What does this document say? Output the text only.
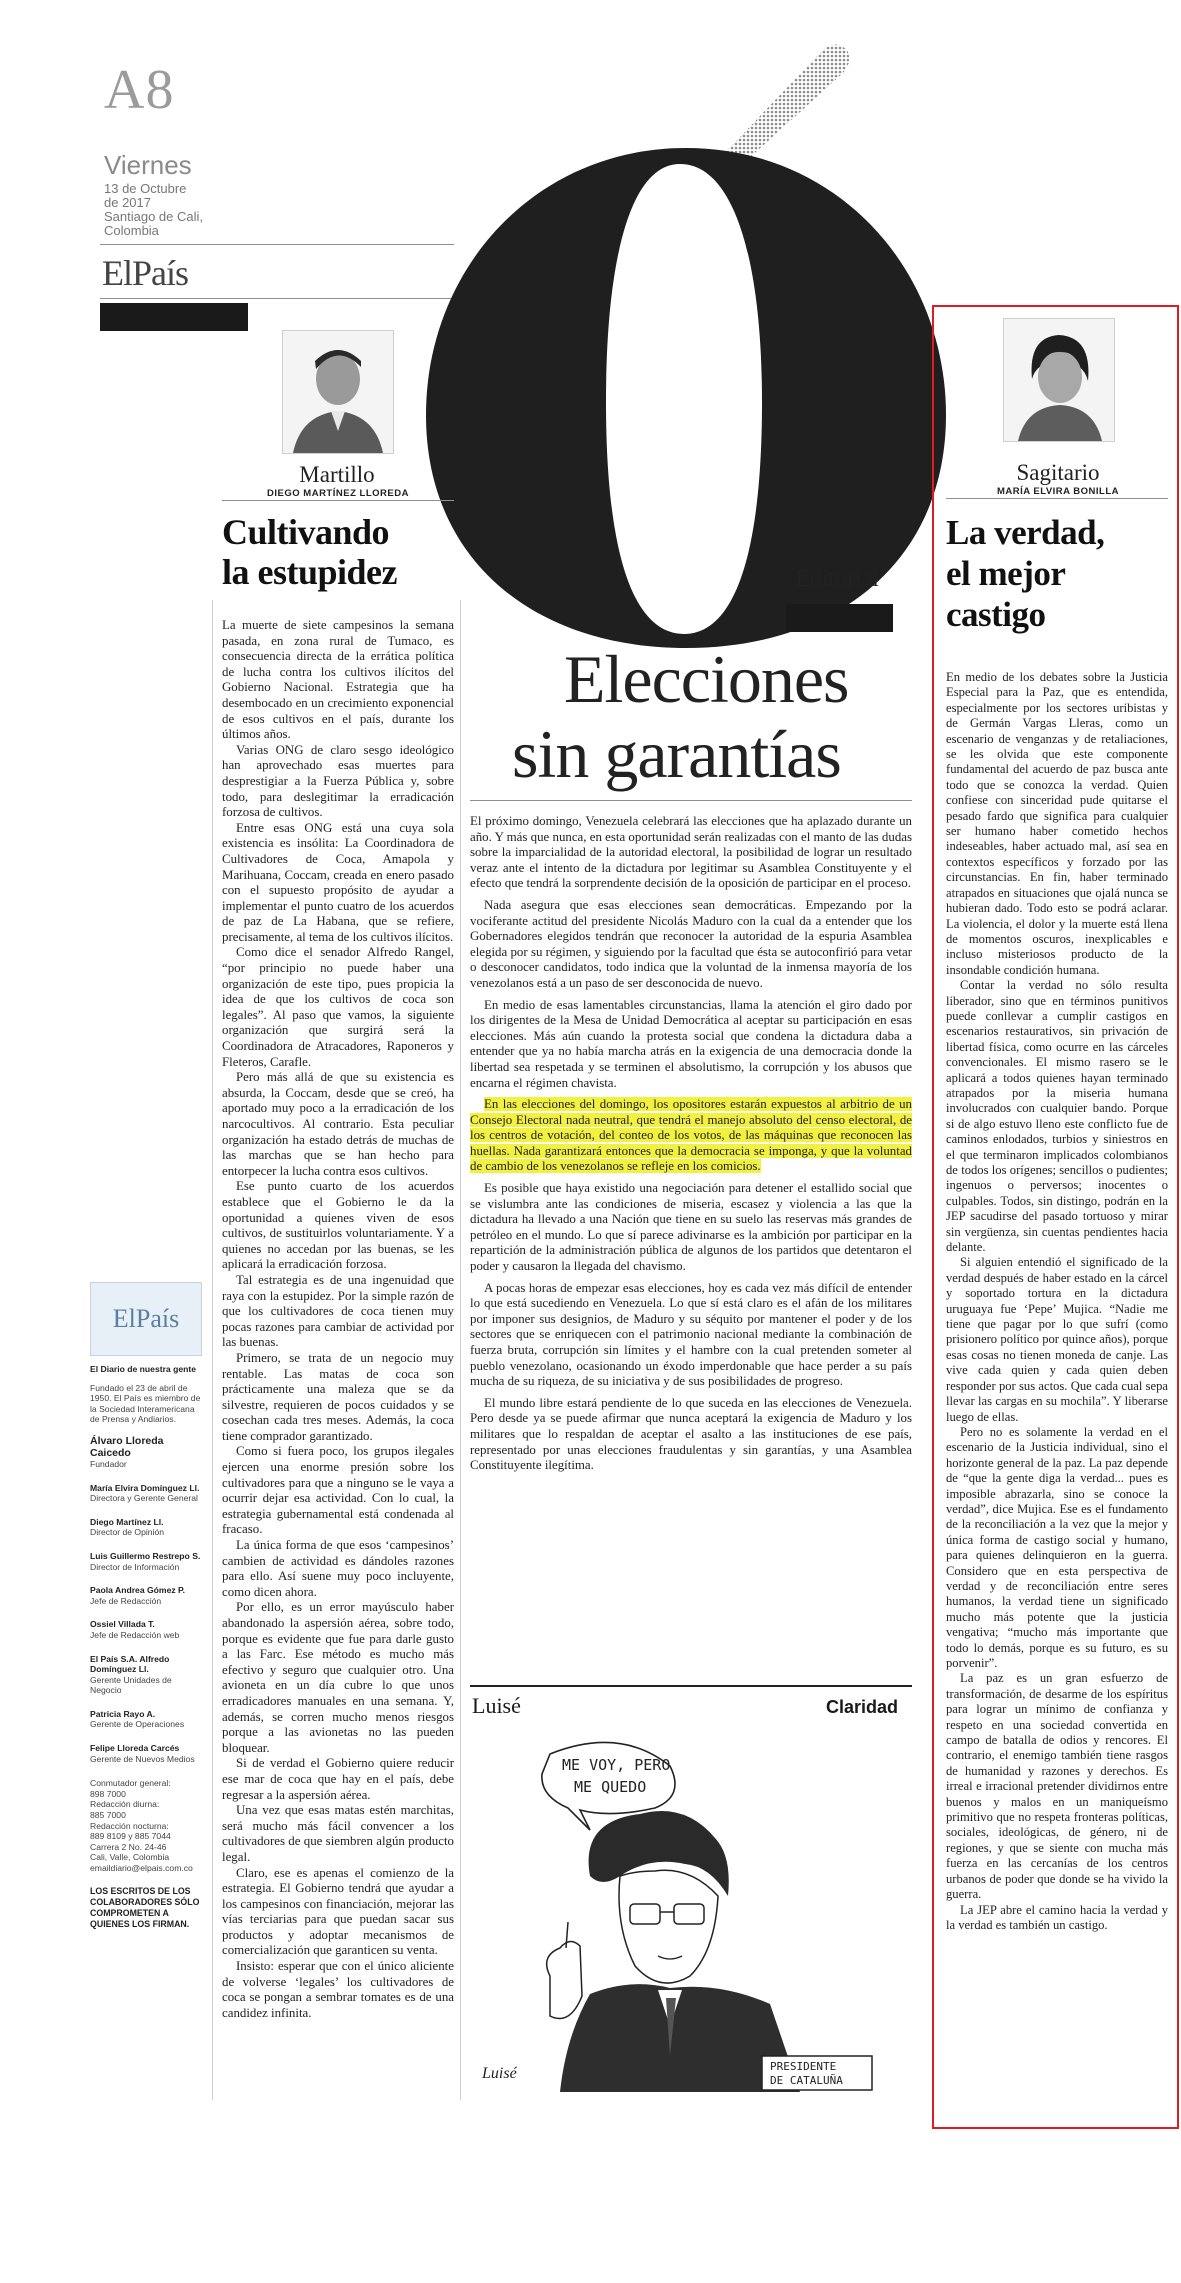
A8
Viernes
13 de Octubre
de 2017
Santiago de Cali,
Colombia
ElPaís
Martillo
DIEGO MARTÍNEZ LLOREDA
Cultivando
la estupidez

La muerte de siete campesinos la semana pasada, en zona rural de Tumaco, es consecuencia directa de la errática política de lucha contra los cultivos ilícitos del Gobierno Nacional. Estrategia que ha desembocado en un crecimiento exponencial de esos cultivos en el país, durante los últimos años.

Varias ONG de claro sesgo ideológico han aprovechado esas muertes para desprestigiar a la Fuerza Pública y, sobre todo, para deslegitimar la erradicación forzosa de cultivos.

Entre esas ONG está una cuya sola existencia es insólita: La Coordinadora de Cultivadores de Coca, Amapola y Marihuana, Coccam, creada en enero pasado con el supuesto propósito de ayudar a implementar el punto cuatro de los acuerdos de paz de La Habana, que se refiere, precisamente, al tema de los cultivos ilícitos.

Como dice el senador Alfredo Rangel, “por principio no puede haber una organización de este tipo, pues propicia la idea de que los cultivos de coca son legales”. Al paso que vamos, la siguiente organización que surgirá será la Coordinadora de Atracadores, Raponeros y Fleteros, Carafle.

Pero más allá de que su existencia es absurda, la Coccam, desde que se creó, ha aportado muy poco a la erradicación de los narcocultivos. Al contrario. Esta peculiar organización ha estado detrás de muchas de las marchas que se han hecho para entorpecer la lucha contra esos cultivos.

Ese punto cuarto de los acuerdos establece que el Gobierno le da la oportunidad a quienes viven de esos cultivos, de sustituirlos voluntariamente. Y a quienes no accedan por las buenas, se les aplicará la erradicación forzosa.

Tal estrategia es de una ingenuidad que raya con la estupidez. Por la simple razón de que los cultivadores de coca tienen muy pocas razones para cambiar de actividad por las buenas.

Primero, se trata de un negocio muy rentable. Las matas de coca son prácticamente una maleza que se da silvestre, requieren de pocos cuidados y se cosechan cada tres meses. Además, la coca tiene comprador garantizado.

Como si fuera poco, los grupos ilegales ejercen una enorme presión sobre los cultivadores para que a ninguno se le vaya a ocurrir dejar esa actividad. Con lo cual, la estrategia gubernamental está condenada al fracaso.

La única forma de que esos ‘campesinos’ cambien de actividad es dándoles razones para ello. Así suene muy poco incluyente, como dicen ahora.

Por ello, es un error mayúsculo haber abandonado la aspersión aérea, sobre todo, porque es evidente que fue para darle gusto a las Farc. Ese método es mucho más efectivo y seguro que cualquier otro. Una avioneta en un día cubre lo que unos erradicadores manuales en una semana. Y, además, se corren mucho menos riesgos porque a las avionetas no las pueden bloquear.

Si de verdad el Gobierno quiere reducir ese mar de coca que hay en el país, debe regresar a la aspersión aérea.

Una vez que esas matas estén marchitas, será mucho más fácil convencer a los cultivadores de que siembren algún producto legal.

Claro, ese es apenas el comienzo de la estrategia. El Gobierno tendrá que ayudar a los campesinos con financiación, mejorar las vías terciarias para que puedan sacar sus productos y adoptar mecanismos de comercialización que garanticen su venta.

Insisto: esperar que con el único aliciente de volverse ‘legales’ los cultivadores de coca se pongan a sembrar tomates es de una candidez infinita.

ElPaís
El Diario de nuestra gente
Fundado el 23 de abril de 1950. El País es miembro de la Sociedad Interamericana de Prensa y Andiarios.
Álvaro Lloreda Caicedo
Fundador
María Elvira Domínguez Ll.
Directora y Gerente General
Diego Martínez Ll.
Director de Opinión
Luis Guillermo Restrepo S.
Director de Información
Paola Andrea Gómez P.
Jefe de Redacción
Ossiel Villada T.
Jefe de Redacción web
El País S.A. Alfredo Domínguez Ll.
Gerente Unidades de Negocio
Patricia Rayo A.
Gerente de Operaciones
Felipe Lloreda Carcés
Gerente de Nuevos Medios
Conmutador general:
898 7000
Redacción diurna:
885 7000
Redacción nocturna:
889 8109 y 885 7044
Carrera 2 No. 24-46
Cali, Valle, Colombia
emaildiario@elpais.com.co
LOS ESCRITOS DE LOS COLABORADORES SÓLO COMPROMETEN A QUIENES LOS FIRMAN.
Editorial
Elecciones
sin garantías

El próximo domingo, Venezuela celebrará las elecciones que ha aplazado durante un año. Y más que nunca, en esta oportunidad serán realizadas con el manto de las dudas sobre la imparcialidad de la autoridad electoral, la posibilidad de lograr un resultado veraz ante el intento de la dictadura por legitimar su Asamblea Constituyente y el efecto que tendrá la sorprendente decisión de la oposición de participar en el proceso.

Nada asegura que esas elecciones sean democráticas. Empezando por la vociferante actitud del presidente Nicolás Maduro con la cual da a entender que los Gobernadores elegidos tendrán que reconocer la autoridad de la espuria Asamblea elegida por su régimen, y siguiendo por la facultad que ésta se autoconfirió para vetar o desconocer candidatos, todo indica que la voluntad de la inmensa mayoría de los venezolanos está a un paso de ser desconocida de nuevo.

En medio de esas lamentables circunstancias, llama la atención el giro dado por los dirigentes de la Mesa de Unidad Democrática al aceptar su participación en esas elecciones. Más aún cuando la protesta social que condena la dictadura daba a entender que ya no había marcha atrás en la exigencia de una democracia donde la libertad sea respetada y se terminen el absolutismo, la corrupción y los abusos que encarna el régimen chavista.

En las elecciones del domingo, los opositores estarán expuestos al arbitrio de un Consejo Electoral nada neutral, que tendrá el manejo absoluto del censo electoral, de los centros de votación, del conteo de los votos, de las máquinas que reconocen las huellas. Nada garantizará entonces que la democracia se imponga, y que la voluntad de cambio de los venezolanos se refleje en los comicios.

Es posible que haya existido una negociación para detener el estallido social que se vislumbra ante las condiciones de miseria, escasez y violencia a las que la dictadura ha llevado a una Nación que tiene en su suelo las reservas más grandes de petróleo en el mundo. Lo que sí parece adivinarse es la ambición por participar en la repartición de la administración pública de algunos de los partidos que detentaron el poder y causaron la llegada del chavismo.

A pocas horas de empezar esas elecciones, hoy es cada vez más difícil de entender lo que está sucediendo en Venezuela. Lo que sí está claro es el afán de los militares por imponer sus designios, de Maduro y su séquito por mantener el poder y de los sectores que se enriquecen con el patrimonio nacional mediante la combinación de fuerza bruta, corrupción sin límites y el hambre con la cual pretenden someter al pueblo venezolano, ocasionando un éxodo imperdonable que hace perder a su país mucha de su riqueza, de su iniciativa y de sus posibilidades de progreso.

El mundo libre estará pendiente de lo que suceda en las elecciones de Venezuela. Pero desde ya se puede afirmar que nunca aceptará la exigencia de Maduro y los militares que lo respaldan de aceptar el asalto a las instituciones de ese país, representado por unas elecciones fraudulentas y sin garantías, y una Asamblea Constituyente ilegítima.

Luisé	Claridad
ME VOY, PERO
ME QUEDO
PRESIDENTE
DE CATALUÑA
Luisé
Sagitario
MARÍA ELVIRA BONILLA
La verdad,
el mejor
castigo

En medio de los debates sobre la Justicia Especial para la Paz, que es entendida, especialmente por los sectores uribistas y de Germán Vargas Lleras, como un escenario de venganzas y de retaliaciones, se les olvida que este componente fundamental del acuerdo de paz busca ante todo que se conozca la verdad. Quien confiese con sinceridad pude quitarse el pesado fardo que significa para cualquier ser humano haber cometido hechos indeseables, haber actuado mal, así sea en contextos específicos y forzado por las circunstancias. En fin, haber terminado atrapados en situaciones que ojalá nunca se hubieran dado. Todo esto se podrá aclarar. La violencia, el dolor y la muerte está llena de momentos oscuros, inexplicables e incluso misteriosos producto de la insondable condición humana.

Contar la verdad no sólo resulta liberador, sino que en términos punitivos puede conllevar a cumplir castigos en escenarios restaurativos, sin privación de libertad física, como ocurre en las cárceles convencionales. El mismo rasero se le aplicará a todos quienes hayan terminado atrapados por la miseria humana involucrados con cualquier bando. Porque si de algo estuvo lleno este conflicto fue de caminos enlodados, turbios y siniestros en el que terminaron implicados colombianos de todos los orígenes; sencillos o pudientes; ingenuos o perversos; inocentes o culpables. Todos, sin distingo, podrán en la JEP sacudirse del pasado tortuoso y mirar sin vergüenza, sin cuentas pendientes hacia delante.

Si alguien entendió el significado de la verdad después de haber estado en la cárcel y soportado tortura en la dictadura uruguaya fue ‘Pepe’ Mujica. “Nadie me tiene que pagar por lo que sufrí (como prisionero político por quince años), porque esas cosas no tienen moneda de canje. Las vive cada quien y cada quien deben responder por sus actos. Que cada cual sepa llevar las cargas en su mochila”. Y liberarse luego de ellas.

Pero no es solamente la verdad en el escenario de la Justicia individual, sino el horizonte general de la paz. La paz depende de “que la gente diga la verdad... pues es imposible abrazarla, sino se conoce la verdad”, dice Mujica. Ese es el fundamento de la reconciliación a la vez que la mejor y única forma de castigo social y humano, para quienes delinquieron en la guerra. Considero que en esta perspectiva de verdad y de reconciliación entre seres humanos, la verdad tiene un significado mucho más potente que la justicia vengativa; “mucho más importante que todo lo demás, porque es su futuro, es su porvenir”.

La paz es un gran esfuerzo de transformación, de desarme de los espíritus para lograr un mínimo de confianza y respeto en una sociedad convertida en campo de batalla de odios y rencores. El contrario, el enemigo también tiene rasgos de humanidad y razones y derechos. Es irreal e irracional pretender dividirnos entre buenos y malos en un maniqueísmo primitivo que no respeta fronteras políticas, sociales, ideológicas, de género, ni de regiones, y que se siente con mucha más fuerza en las cercanías de los centros urbanos de poder que donde se ha vivido la guerra.

La JEP abre el camino hacia la verdad y la verdad es también un castigo.
